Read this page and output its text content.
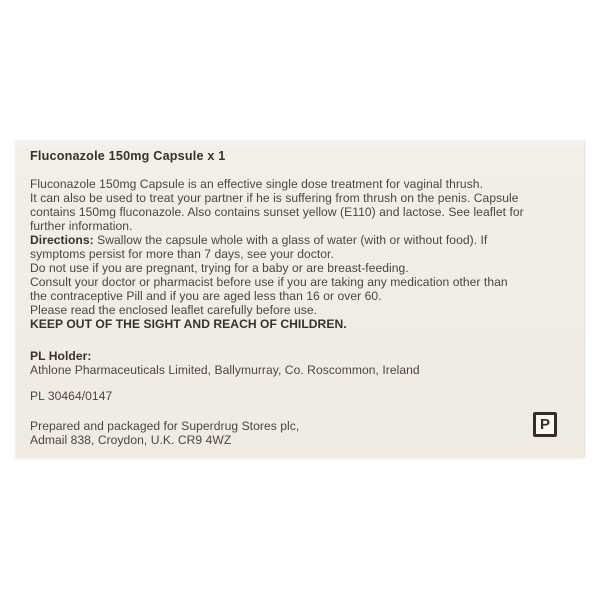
Fluconazole 150mg Capsule x 1
Fluconazole 150mg Capsule is an effective single dose treatment for vaginal thrush.
It can also be used to treat your partner if he is suffering from thrush on the penis. Capsule
contains 150mg fluconazole. Also contains sunset yellow (E110) and lactose. See leaflet for
further information.
Directions: Swallow the capsule whole with a glass of water (with or without food). If
symptoms persist for more than 7 days, see your doctor.
Do not use if you are pregnant, trying for a baby or are breast-feeding.
Consult your doctor or pharmacist before use if you are taking any medication other than
the contraceptive Pill and if you are aged less than 16 or over 60.
Please read the enclosed leaflet carefully before use.
KEEP OUT OF THE SIGHT AND REACH OF CHILDREN.
PL Holder:
Athlone Pharmaceuticals Limited, Ballymurray, Co. Roscommon, Ireland
PL 30464/0147
Prepared and packaged for Superdrug Stores plc,
Admail 838, Croydon, U.K. CR9 4WZ
P
